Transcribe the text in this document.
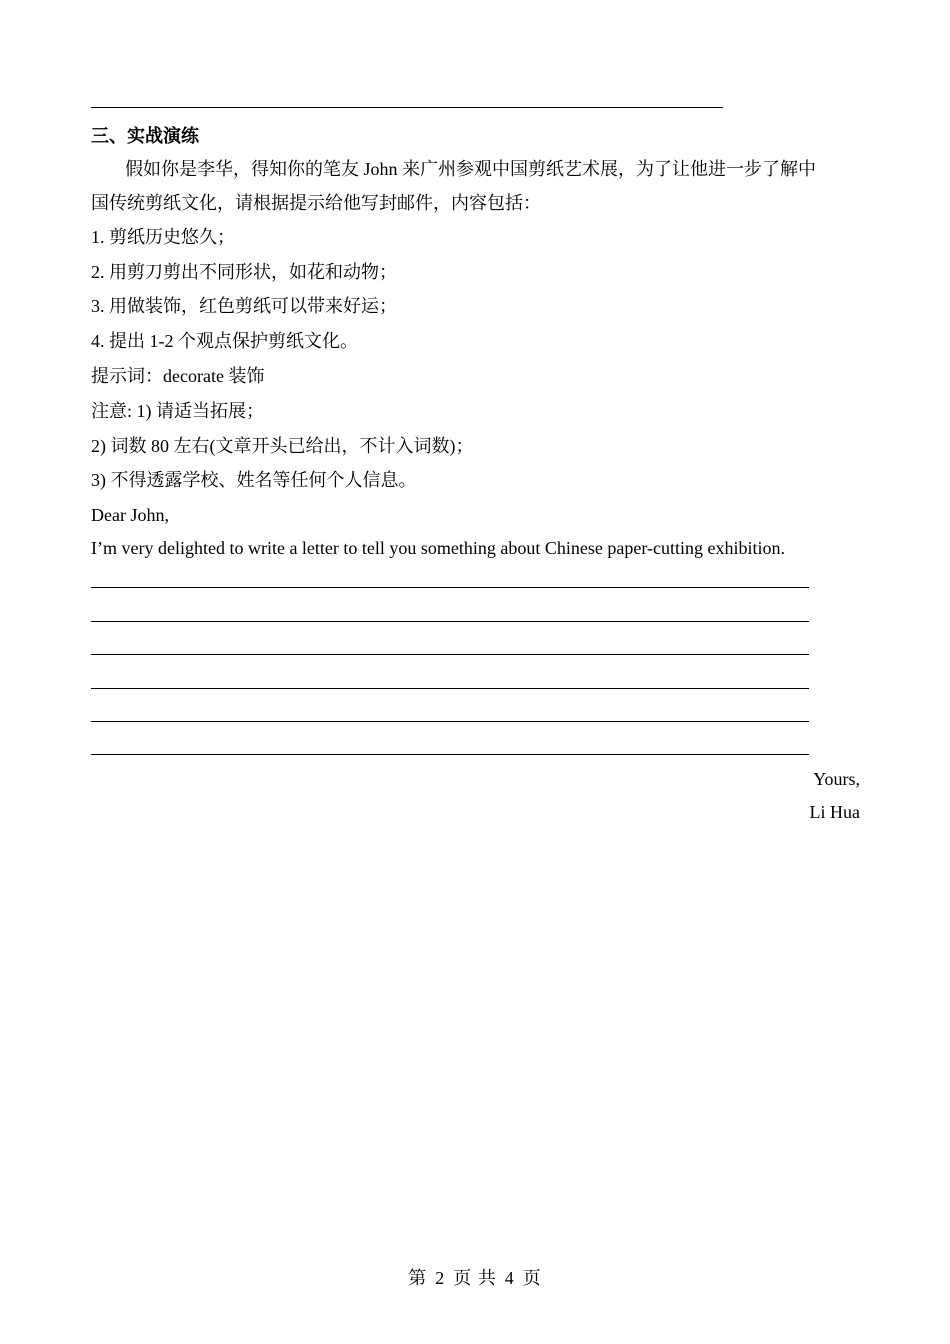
三、实战演练
假如你是李华，得知你的笔友 John 来广州参观中国剪纸艺术展，为了让他进一步了解中
国传统剪纸文化，请根据提示给他写封邮件，内容包括：
1. 剪纸历史悠久；
2. 用剪刀剪出不同形状，如花和动物；
3. 用做装饰，红色剪纸可以带来好运；
4. 提出 1-2 个观点保护剪纸文化。
提示词：decorate 装饰
注意: 1) 请适当拓展；
2) 词数 80 左右(文章开头已给出，不计入词数)；
3) 不得透露学校、姓名等任何个人信息。
Dear John,
I’m very delighted to write a letter to tell you something about Chinese paper-cutting exhibition.
Yours,
Li Hua
第 2 页 共 4 页
